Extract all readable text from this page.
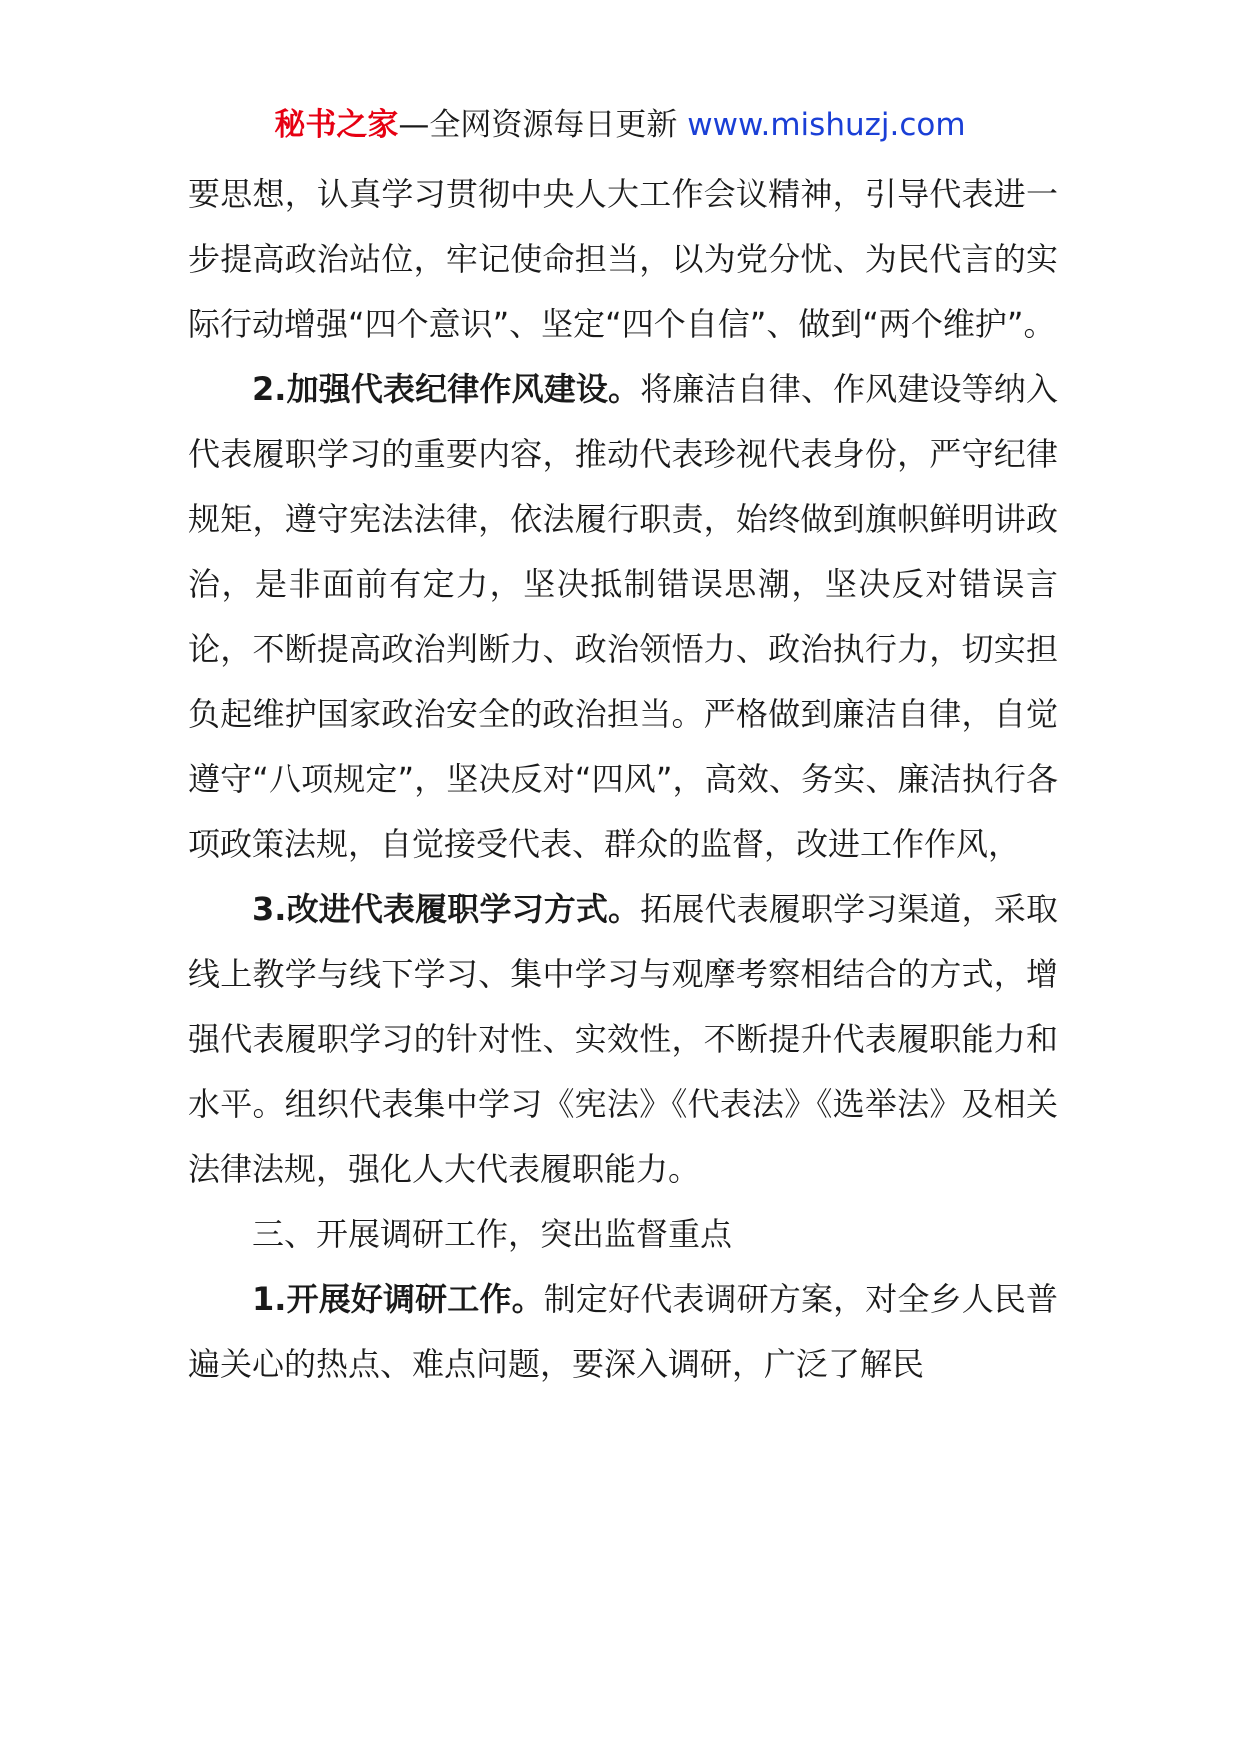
秘书之家—全网资源每日更新 www.mishuzj.com

要思想，认真学习贯彻中央人大工作会议精神，引导代表进一步提高政治站位，牢记使命担当，以为党分忧、为民代言的实际行动增强“四个意识”、坚定“四个自信”、做到“两个维护”。

2.加强代表纪律作风建设。将廉洁自律、作风建设等纳入代表履职学习的重要内容，推动代表珍视代表身份，严守纪律规矩，遵守宪法法律，依法履行职责，始终做到旗帜鲜明讲政治，是非面前有定力，坚决抵制错误思潮，坚决反对错误言论，不断提高政治判断力、政治领悟力、政治执行力，切实担负起维护国家政治安全的政治担当。严格做到廉洁自律，自觉遵守“八项规定”，坚决反对“四风”，高效、务实、廉洁执行各项政策法规，自觉接受代表、群众的监督，改进工作作风，

3.改进代表履职学习方式。拓展代表履职学习渠道，采取线上教学与线下学习、集中学习与观摩考察相结合的方式，增强代表履职学习的针对性、实效性，不断提升代表履职能力和水平。组织代表集中学习《宪法》《代表法》《选举法》及相关法律法规，强化人大代表履职能力。

三、开展调研工作，突出监督重点

1.开展好调研工作。制定好代表调研方案，对全乡人民普遍关心的热点、难点问题，要深入调研，广泛了解民
